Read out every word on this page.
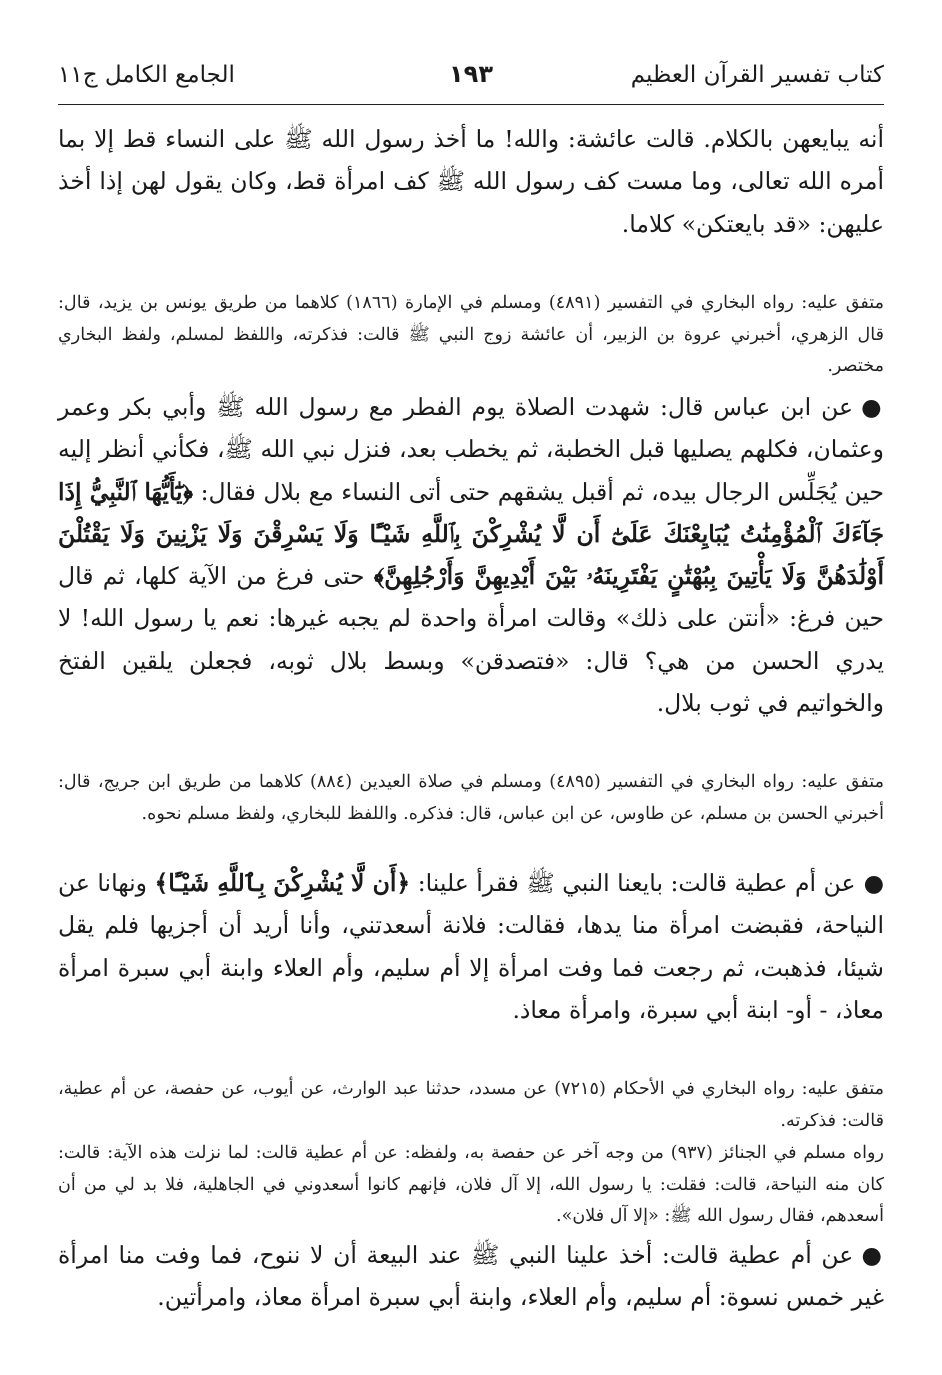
كتاب تفسير القرآن العظيم
١٩٣
الجامع الكامل ج١١

أنه يبايعهن بالكلام. قالت عائشة: والله! ما أخذ رسول الله ﷺ على النساء قط إلا بما أمره الله تعالى، وما مست كف رسول الله ﷺ كف امرأة قط، وكان يقول لهن إذا أخذ عليهن: «قد بايعتكن» كلاما.

متفق عليه: رواه البخاري في التفسير (٤٨٩١) ومسلم في الإمارة (١٨٦٦) كلاهما من طريق يونس بن يزيد، قال: قال الزهري، أخبرني عروة بن الزبير، أن عائشة زوج النبي ﷺ قالت: فذكرته، واللفظ لمسلم، ولفظ البخاري مختصر.

●عن ابن عباس قال: شهدت الصلاة يوم الفطر مع رسول الله ﷺ وأبي بكر وعمر وعثمان، فكلهم يصليها قبل الخطبة، ثم يخطب بعد، فنزل نبي الله ﷺ، فكأني أنظر إليه حين يُجَلِّس الرجال بيده، ثم أقبل يشقهم حتى أتى النساء مع بلال فقال: ﴿يَٰٓأَيُّهَا ٱلنَّبِيُّ إِذَا جَآءَكَ ٱلْمُؤْمِنَٰتُ يُبَايِعْنَكَ عَلَىٰٓ أَن لَّا يُشْرِكْنَ بِٱللَّهِ شَيْـًٔا وَلَا يَسْرِقْنَ وَلَا يَزْنِينَ وَلَا يَقْتُلْنَ أَوْلَٰدَهُنَّ وَلَا يَأْتِينَ بِبُهْتَٰنٍ يَفْتَرِينَهُۥ بَيْنَ أَيْدِيهِنَّ وَأَرْجُلِهِنَّ﴾ حتى فرغ من الآية كلها، ثم قال حين فرغ: «أنتن على ذلك» وقالت امرأة واحدة لم يجبه غيرها: نعم يا رسول الله! لا يدري الحسن من هي؟ قال: «فتصدقن» وبسط بلال ثوبه، فجعلن يلقين الفتخ والخواتيم في ثوب بلال.

متفق عليه: رواه البخاري في التفسير (٤٨٩٥) ومسلم في صلاة العيدين (٨٨٤) كلاهما من طريق ابن جريج، قال: أخبرني الحسن بن مسلم، عن طاوس، عن ابن عباس، قال: فذكره. واللفظ للبخاري، ولفظ مسلم نحوه.

●عن أم عطية قالت: بايعنا النبي ﷺ فقرأ علينا: ﴿أَن لَّا يُشْرِكْنَ بِٱللَّهِ شَيْـًٔا﴾ ونهانا عن النياحة، فقبضت امرأة منا يدها، فقالت: فلانة أسعدتني، وأنا أريد أن أجزيها فلم يقل شيئا، فذهبت، ثم رجعت فما وفت امرأة إلا أم سليم، وأم العلاء وابنة أبي سبرة امرأة معاذ، - أو- ابنة أبي سبرة، وامرأة معاذ.

متفق عليه: رواه البخاري في الأحكام (٧٢١٥) عن مسدد، حدثنا عبد الوارث، عن أيوب، عن حفصة، عن أم عطية، قالت: فذكرته.

رواه مسلم في الجنائز (٩٣٧) من وجه آخر عن حفصة به، ولفظه: عن أم عطية قالت: لما نزلت هذه الآية: قالت: كان منه النياحة، قالت: فقلت: يا رسول الله، إلا آل فلان، فإنهم كانوا أسعدوني في الجاهلية، فلا بد لي من أن أسعدهم، فقال رسول الله ﷺ: «إلا آل فلان».

●عن أم عطية قالت: أخذ علينا النبي ﷺ عند البيعة أن لا ننوح، فما وفت منا امرأة غير خمس نسوة: أم سليم، وأم العلاء، وابنة أبي سبرة امرأة معاذ، وامرأتين.
